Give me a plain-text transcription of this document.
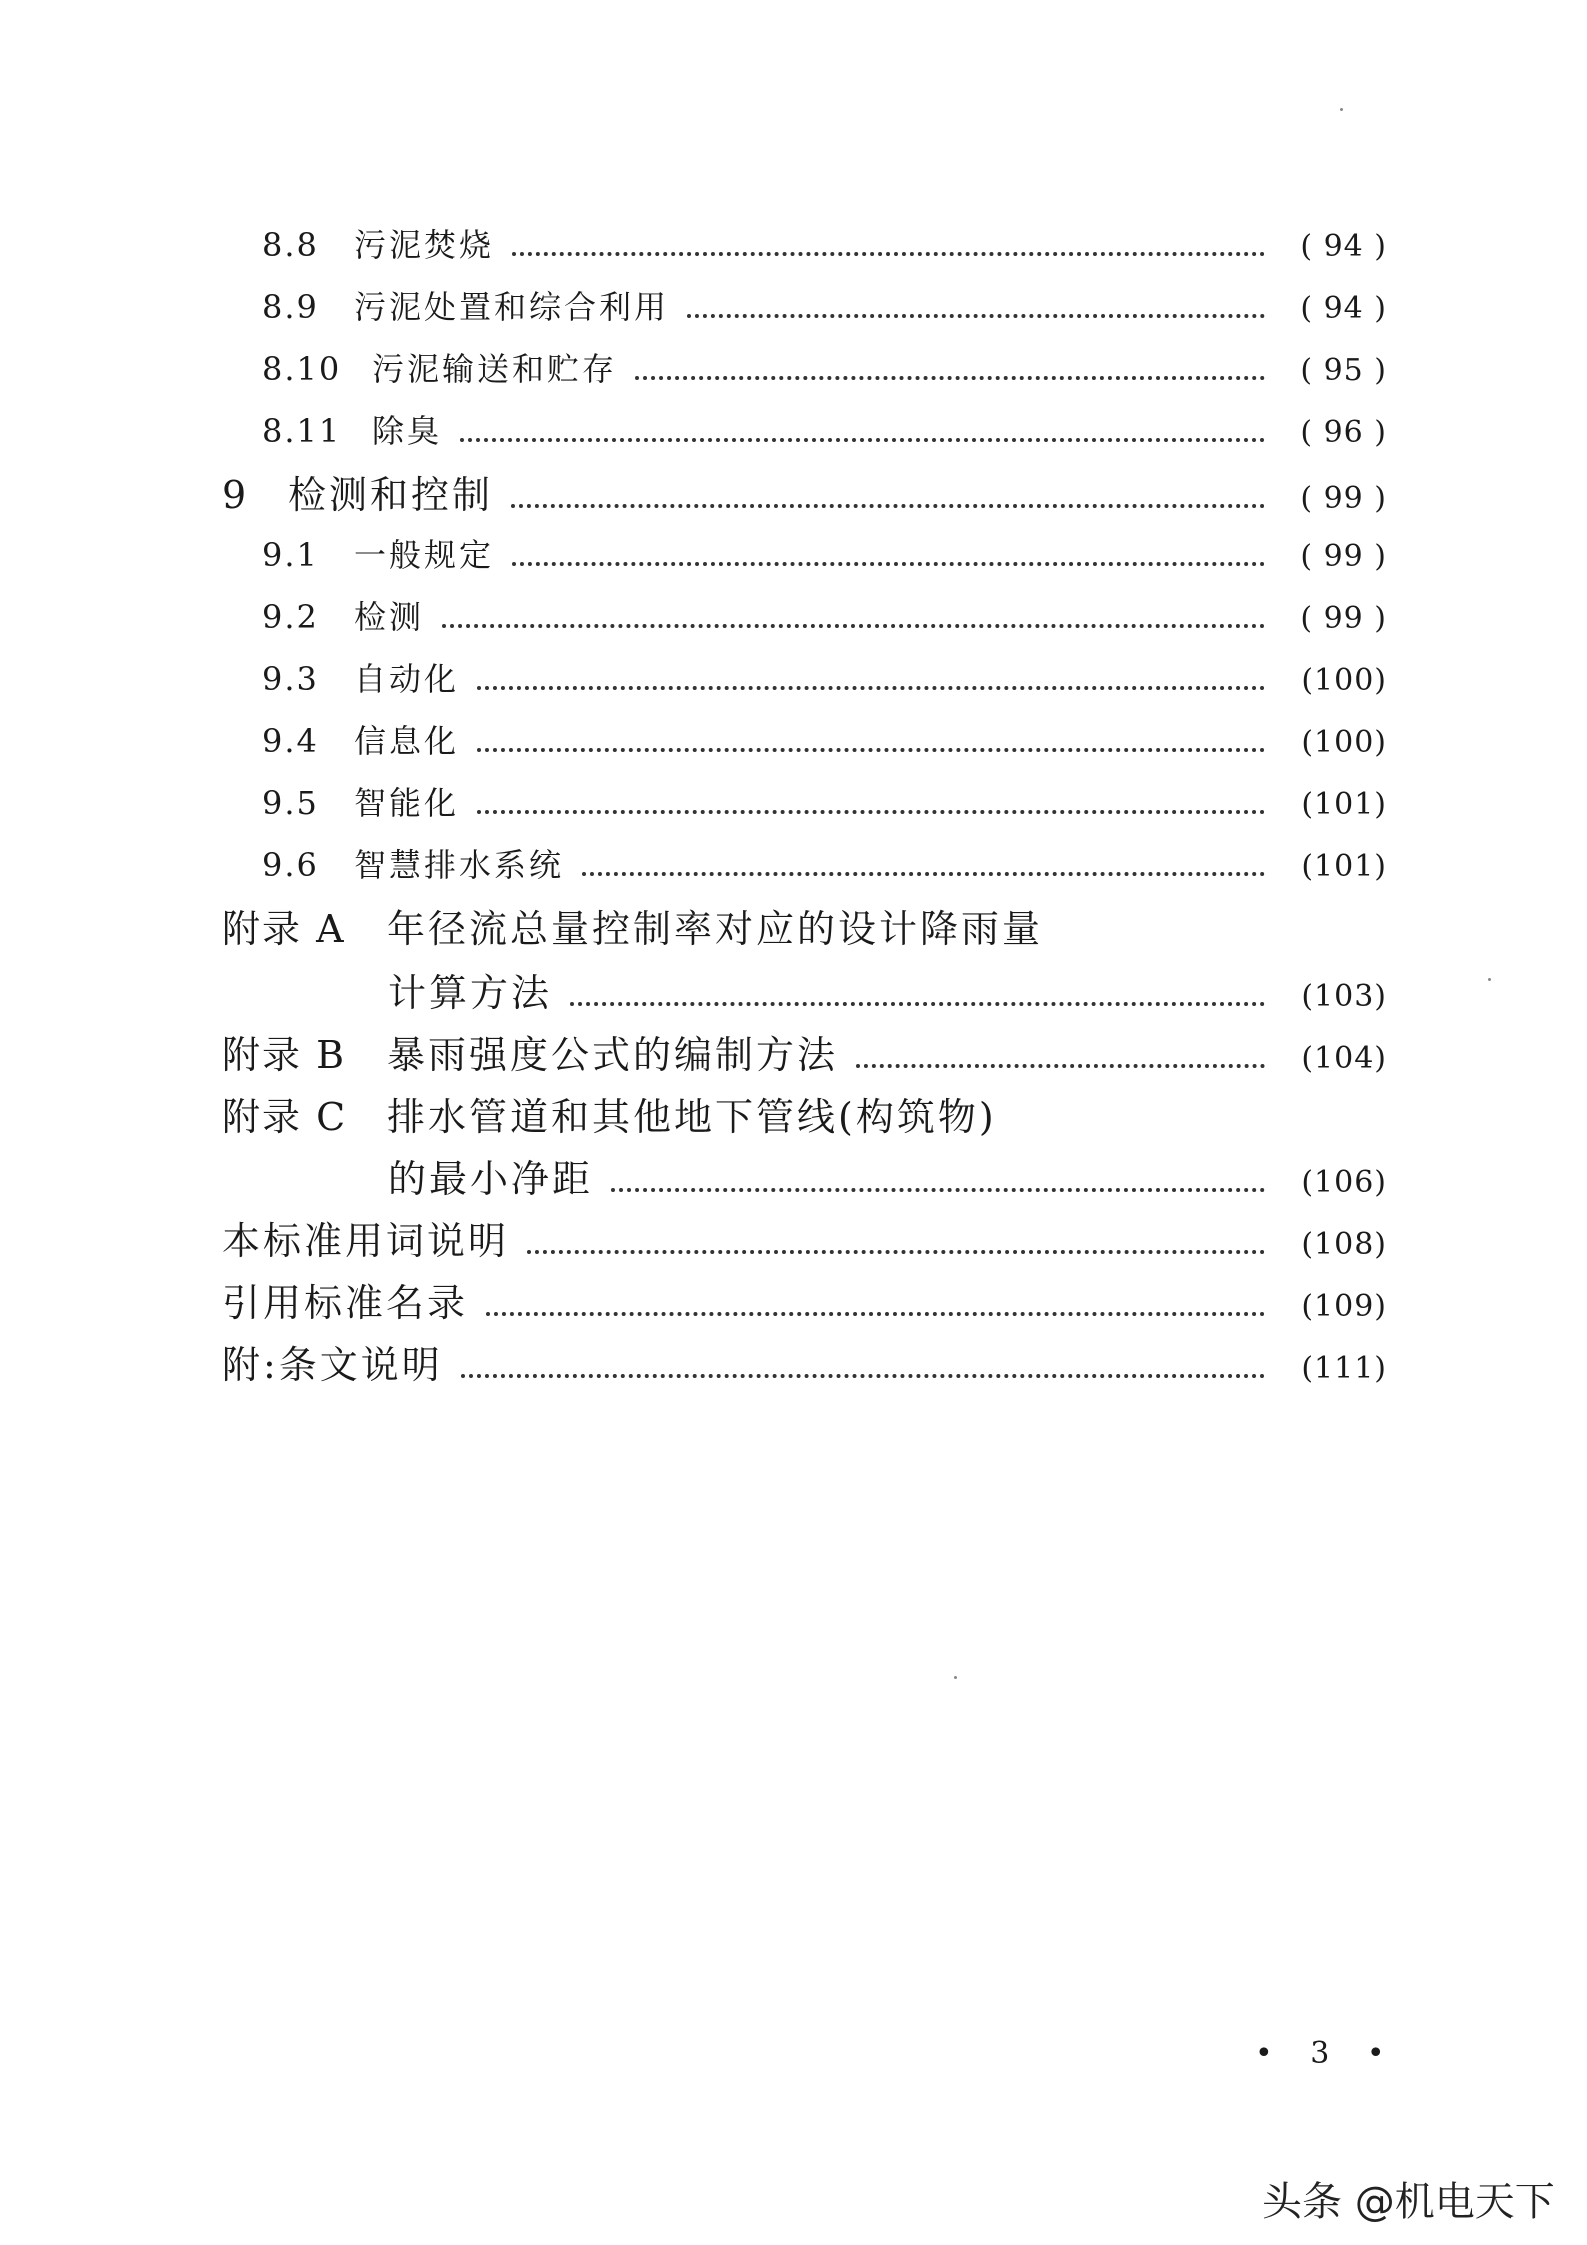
8.8	污泥焚烧	( 94 )
8.9	污泥处置和综合利用	( 94 )
8.10 污泥输送和贮存	( 95 )
8.11 除臭	( 96 )
9	检测和控制	( 99 )
9.1	一般规定	( 99 )
9.2	检测	( 99 )
9.3	自动化	(100)
9.4	信息化	(100)
9.5	智能化	(101)
9.6	智慧排水系统	(101)
附录 A	年径流总量控制率对应的设计降雨量
计算方法	(103)
附录 B	暴雨强度公式的编制方法	(104)
附录 C	排水管道和其他地下管线(构筑物)
的最小净距	(106)
本标准用词说明	(108)
引用标准名录	(109)
附:条文说明	(111)
• 3 •
头条 @机电天下
